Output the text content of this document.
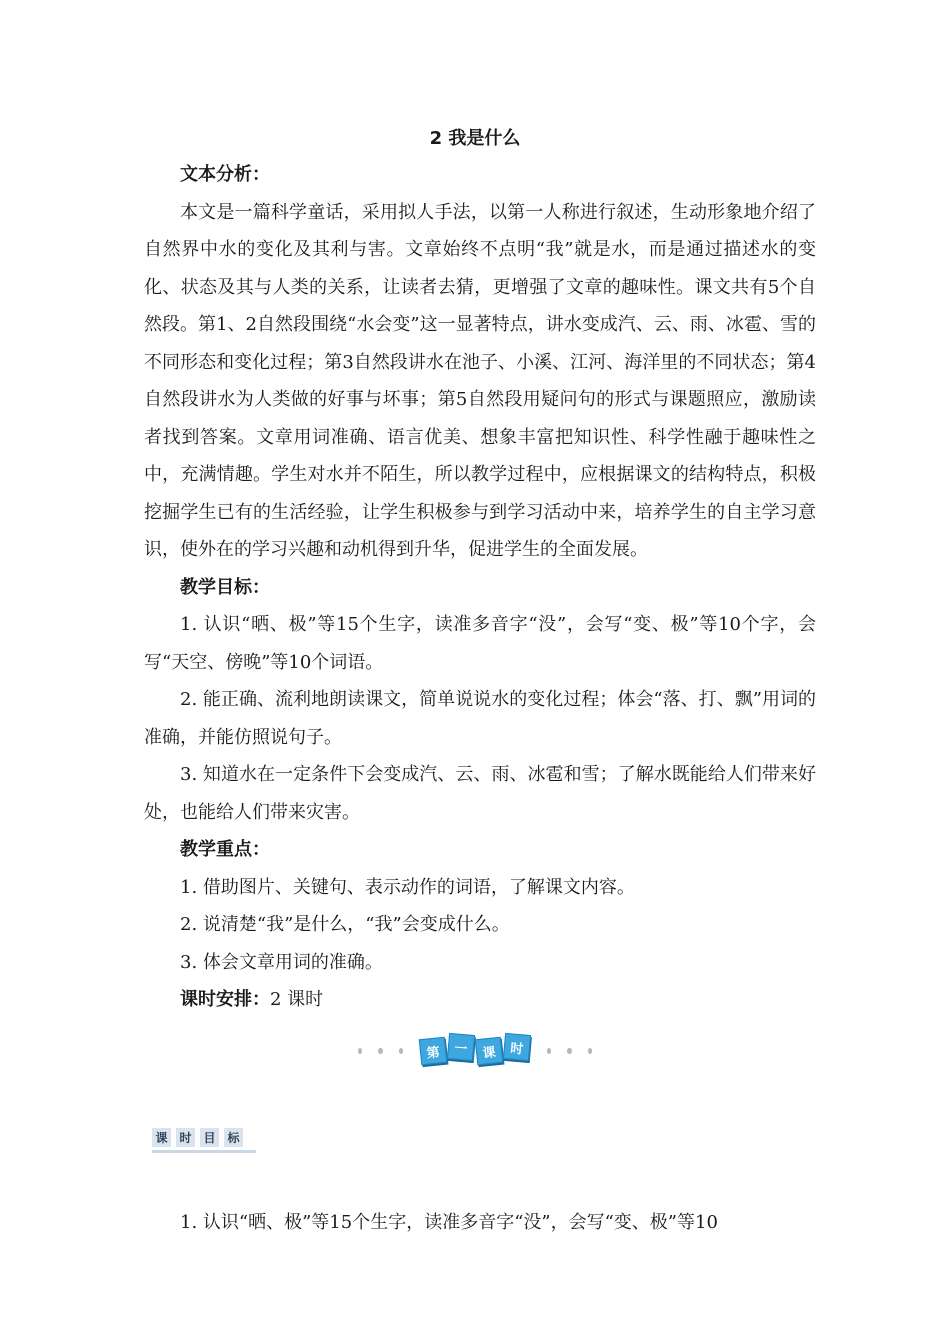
2 我是什么

文本分析：

本文是一篇科学童话，采用拟人手法，以第一人称进行叙述，生动形象地介绍了自然界中水的变化及其利与害。文章始终不点明“我”就是水，而是通过描述水的变化、状态及其与人类的关系，让读者去猜，更增强了文章的趣味性。课文共有5个自然段。第1、2自然段围绕“水会变”这一显著特点，讲水变成汽、云、雨、冰雹、雪的不同形态和变化过程；第3自然段讲水在池子、小溪、江河、海洋里的不同状态；第4自然段讲水为人类做的好事与坏事；第5自然段用疑问句的形式与课题照应，激励读者找到答案。文章用词准确、语言优美、想象丰富把知识性、科学性融于趣味性之中，充满情趣。学生对水并不陌生，所以教学过程中，应根据课文的结构特点，积极挖掘学生已有的生活经验，让学生积极参与到学习活动中来，培养学生的自主学习意识，使外在的学习兴趣和动机得到升华，促进学生的全面发展。

教学目标：

1. 认识“晒、极”等15个生字，读准多音字“没”，会写“变、极”等10个字，会写“天空、傍晚”等10个词语。

2. 能正确、流利地朗读课文，简单说说水的变化过程；体会“落、打、飘”用词的准确，并能仿照说句子。

3. 知道水在一定条件下会变成汽、云、雨、冰雹和雪；了解水既能给人们带来好处，也能给人们带来灾害。

教学重点：

1. 借助图片、关键句、表示动作的词语，了解课文内容。

2. 说清楚“我”是什么，“我”会变成什么。

3. 体会文章用词的准确。

课时安排：2 课时

第	一	课	时
课 时 目 标

1. 认识“晒、极”等15个生字，读准多音字“没”，会写“变、极”等10
